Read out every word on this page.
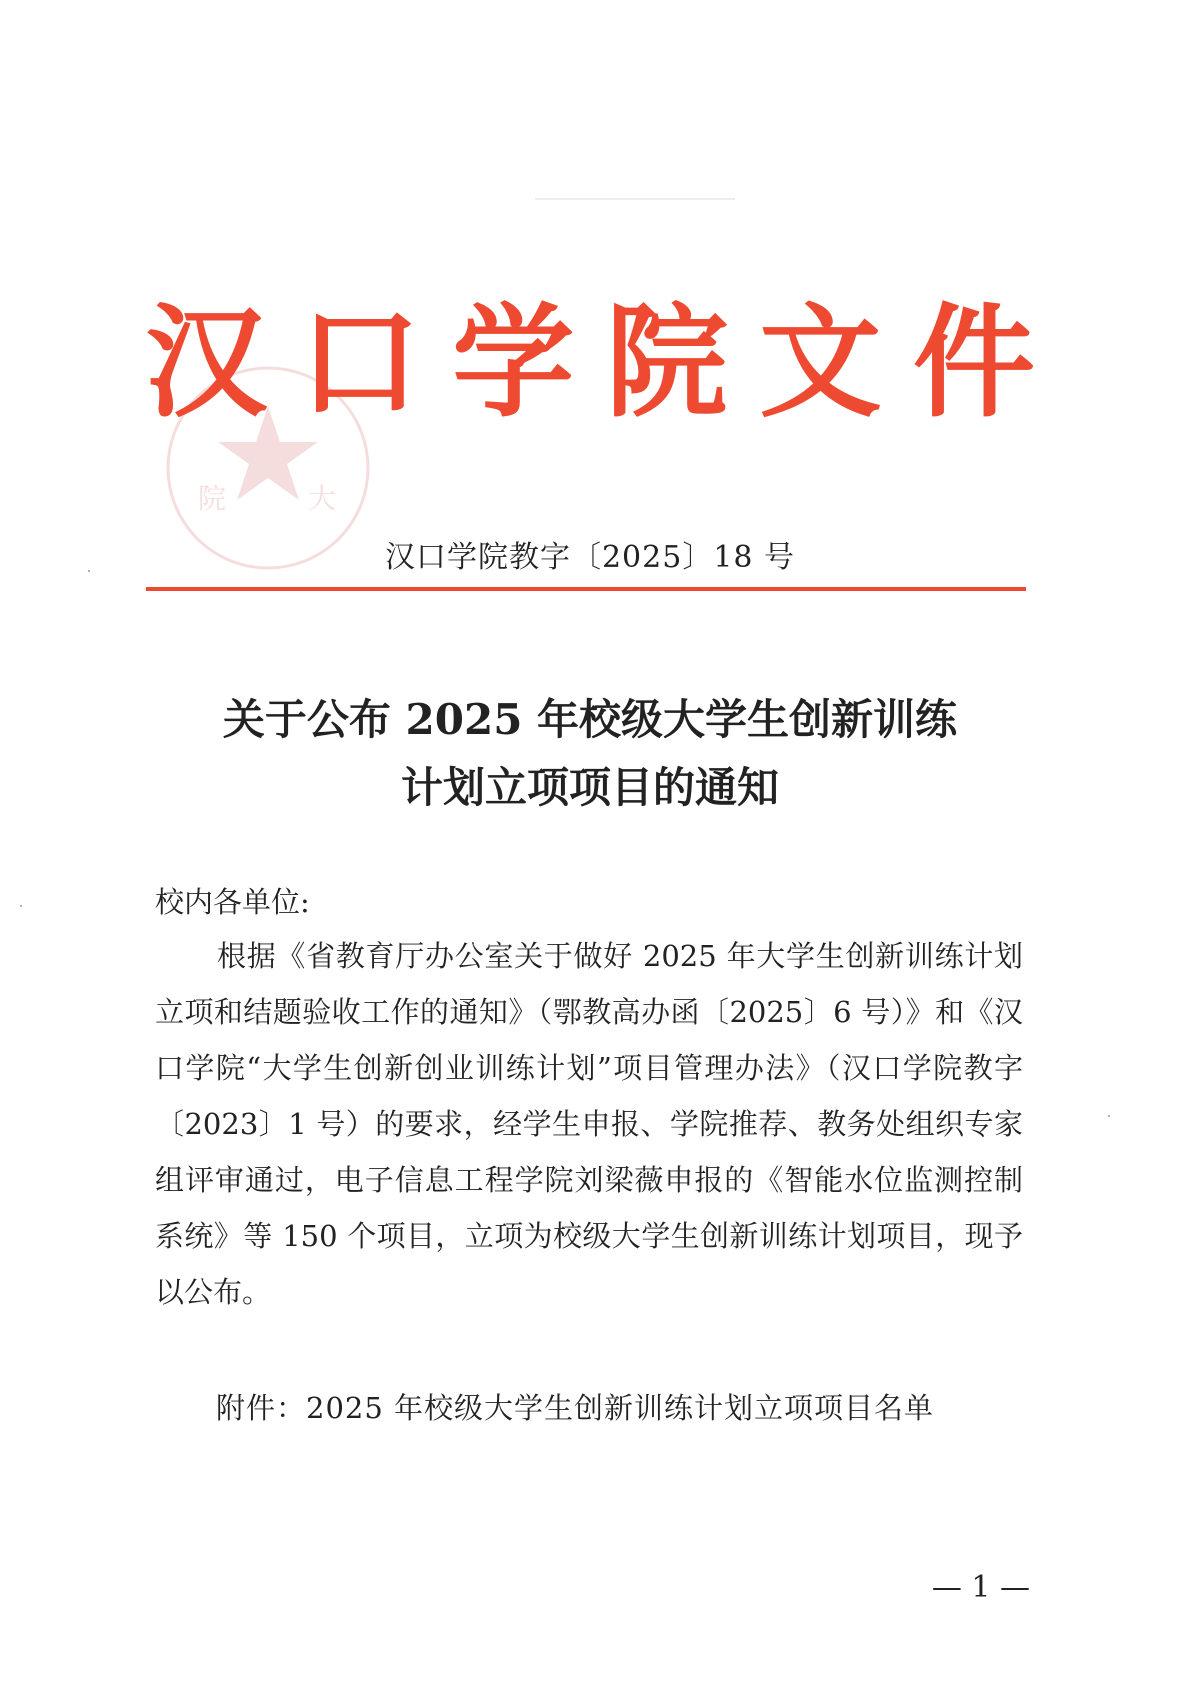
院	大
汉 口 学 院 文 件
汉口学院教字〔2025〕18 号
关于公布 2025 年校级大学生创新训练
计划立项项目的通知
校内各单位:

根据《省教育厅办公室关于做好 2025 年大学生创新训练计划立项和结题验收工作的通知》（鄂教高办函〔2025〕6 号）》和《汉口学院“大学生创新创业训练计划”项目管理办法》（汉口学院教字〔2023〕1 号）的要求，经学生申报、学院推荐、教务处组织专家组评审通过，电子信息工程学院刘梁薇申报的《智能水位监测控制系统》等 150 个项目，立项为校级大学生创新训练计划项目，现予以公布。

附件：2025 年校级大学生创新训练计划立项项目名单
— 1 —
